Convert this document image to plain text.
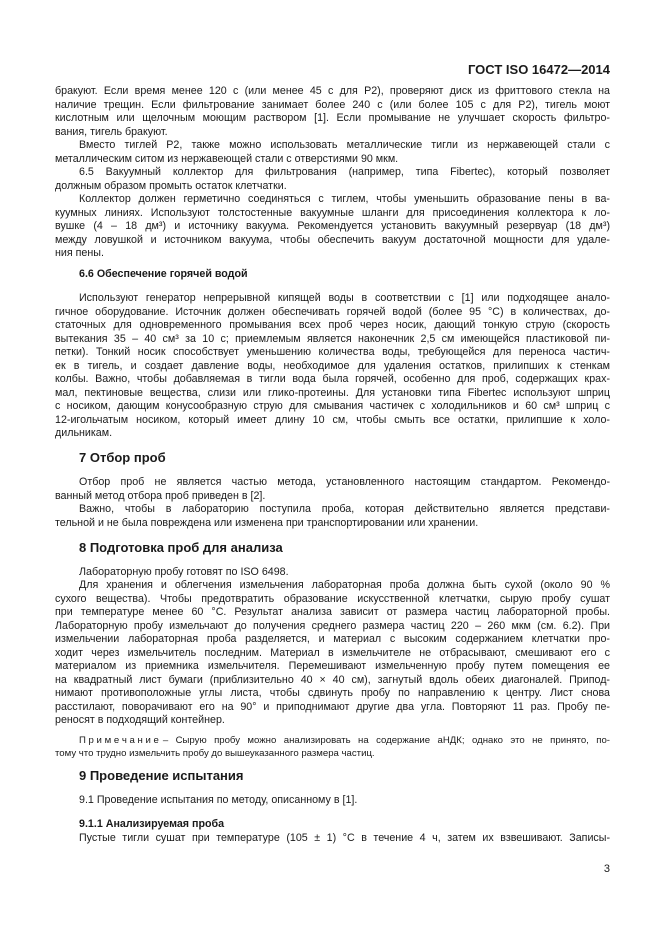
ГОСТ ISO 16472—2014
бракуют. Если время менее 120 с (или менее 45 с для Р2), проверяют диск из фриттового стекла на
наличие трещин. Если фильтрование занимает более 240 с (или более 105 с для Р2), тигель моют
кислотным или щелочным моющим раствором [1]. Если промывание не улучшает скорость фильтро-
вания, тигель бракуют.
Вместо тиглей Р2, также можно использовать металлические тигли из нержавеющей стали с
металлическим ситом из нержавеющей стали с отверстиями 90 мкм.
6.5 Вакуумный коллектор для фильтрования (например, типа Fibertec), который позволяет
должным образом промыть остаток клетчатки.
Коллектор должен герметично соединяться с тиглем, чтобы уменьшить образование пены в ва-
куумных линиях. Используют толстостенные вакуумные шланги для присоединения коллектора к ло-
вушке (4 – 18 дм³) и источнику вакуума. Рекомендуется установить вакуумный резервуар (18 дм³)
между ловушкой и источником вакуума, чтобы обеспечить вакуум достаточной мощности для удале-
ния пены.
6.6 Обеспечение горячей водой
Используют генератор непрерывной кипящей воды в соответствии с [1] или подходящее анало-
гичное оборудование. Источник должен обеспечивать горячей водой (более 95 °С) в количествах, до-
статочных для одновременного промывания всех проб через носик, дающий тонкую струю (скорость
вытекания 35 – 40 см³ за 10 с; приемлемым является наконечник 2,5 см имеющейся пластиковой пи-
петки). Тонкий носик способствует уменьшению количества воды, требующейся для переноса частич-
ек в тигель, и создает давление воды, необходимое для удаления остатков, прилипших к стенкам
колбы. Важно, чтобы добавляемая в тигли вода была горячей, особенно для проб, содержащих крах-
мал, пектиновые вещества, слизи или глико-протеины. Для установки типа Fibertec используют шприц
с носиком, дающим конусообразную струю для смывания частичек с холодильников и 60 см³ шприц с
12-игольчатым носиком, который имеет длину 10 см, чтобы смыть все остатки, прилипшие к холо-
дильникам.
7 Отбор проб
Отбор проб не является частью метода, установленного настоящим стандартом. Рекомендо-
ванный метод отбора проб приведен в [2].
Важно, чтобы в лабораторию поступила проба, которая действительно является представи-
тельной и не была повреждена или изменена при транспортировании или хранении.
8 Подготовка проб для анализа
Лабораторную пробу готовят по ISO 6498.
Для хранения и облегчения измельчения лабораторная проба должна быть сухой (около 90 %
сухого вещества). Чтобы предотвратить образование искусственной клетчатки, сырую пробу сушат
при температуре менее 60 °С. Результат анализа зависит от размера частиц лабораторной пробы.
Лабораторную пробу измельчают до получения среднего размера частиц 220 – 260 мкм (см. 6.2). При
измельчении лабораторная проба разделяется, и материал с высоким содержанием клетчатки про-
ходит через измельчитель последним. Материал в измельчителе не отбрасывают, смешивают его с
материалом из приемника измельчителя. Перемешивают измельченную пробу путем помещения ее
на квадратный лист бумаги (приблизительно 40 × 40 см), загнутый вдоль обеих диагоналей. Припод-
нимают противоположные углы листа, чтобы сдвинуть пробу по направлению к центру. Лист снова
расстилают, поворачивают его на 90° и приподнимают другие два угла. Повторяют 11 раз. Пробу пе-
реносят в подходящий контейнер.
П р и м е ч а н и е – Сырую пробу можно анализировать на содержание аНДК; однако это не принято, по-
тому что трудно измельчить пробу до вышеуказанного размера частиц.
9 Проведение испытания
9.1 Проведение испытания по методу, описанному в [1].
9.1.1 Анализируемая проба
Пустые тигли сушат при температуре (105 ± 1) °С в течение 4 ч, затем их взвешивают. Записы-
3
